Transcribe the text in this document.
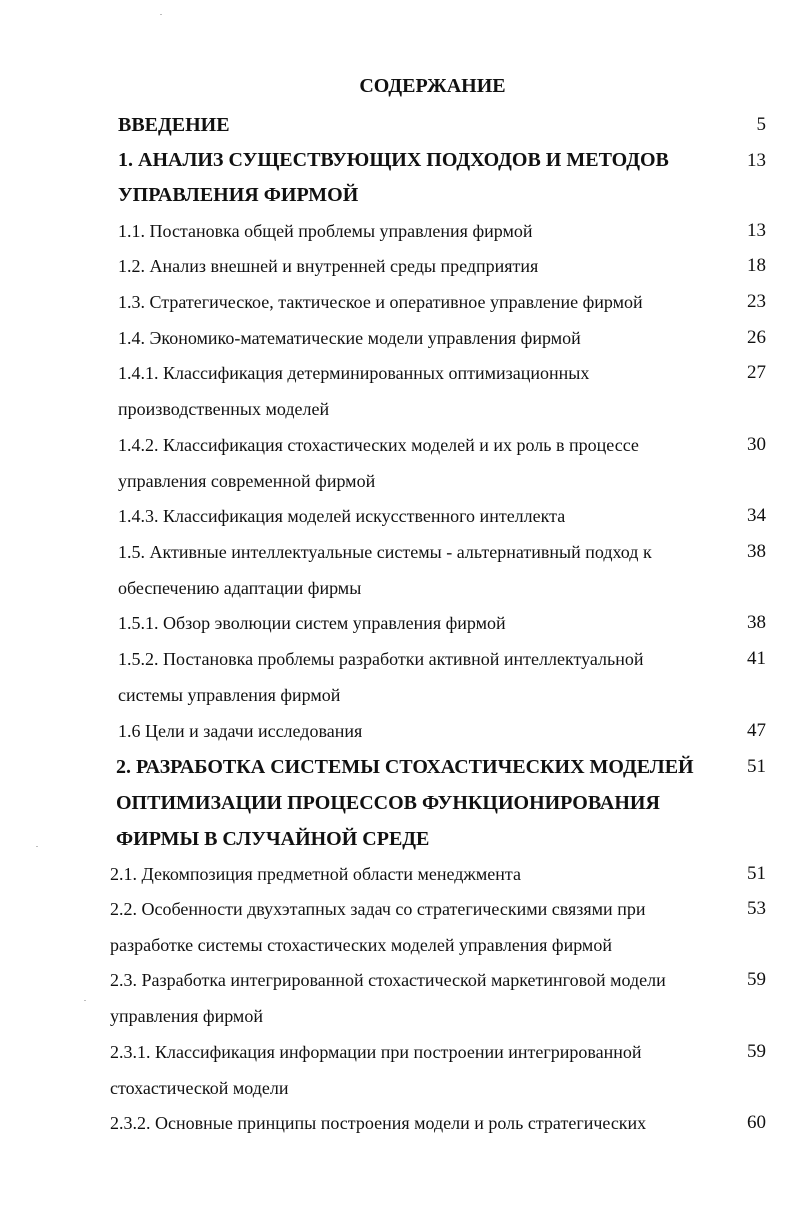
СОДЕРЖАНИЕ
ВВЕДЕНИЕ	5
1. АНАЛИЗ СУЩЕСТВУЮЩИХ ПОДХОДОВ И МЕТОДОВ
УПРАВЛЕНИЯ ФИРМОЙ
13
1.1. Постановка общей проблемы управления фирмой	13
1.2. Анализ внешней и внутренней среды предприятия	18
1.3. Стратегическое, тактическое и оперативное управление фирмой	23
1.4. Экономико-математические модели управления фирмой	26
1.4.1. Классификация детерминированных оптимизационных
производственных моделей
27
1.4.2. Классификация стохастических моделей и их роль в процессе
управления современной фирмой
30
1.4.3. Классификация моделей искусственного интеллекта	34
1.5. Активные интеллектуальные системы - альтернативный подход к
обеспечению адаптации фирмы
38
1.5.1. Обзор эволюции систем управления фирмой	38
1.5.2. Постановка проблемы разработки активной интеллектуальной
системы управления фирмой
41
1.6 Цели и задачи исследования	47
2. РАЗРАБОТКА СИСТЕМЫ СТОХАСТИЧЕСКИХ МОДЕЛЕЙ
ОПТИМИЗАЦИИ ПРОЦЕССОВ ФУНКЦИОНИРОВАНИЯ
ФИРМЫ В СЛУЧАЙНОЙ СРЕДЕ
51
2.1. Декомпозиция предметной области менеджмента	51
2.2. Особенности двухэтапных задач со стратегическими связями при
разработке системы стохастических моделей управления фирмой
53
2.3. Разработка интегрированной стохастической маркетинговой модели
управления фирмой
59
2.3.1. Классификация информации при построении интегрированной
стохастической модели
59
2.3.2. Основные принципы построения модели и роль стратегических	60
